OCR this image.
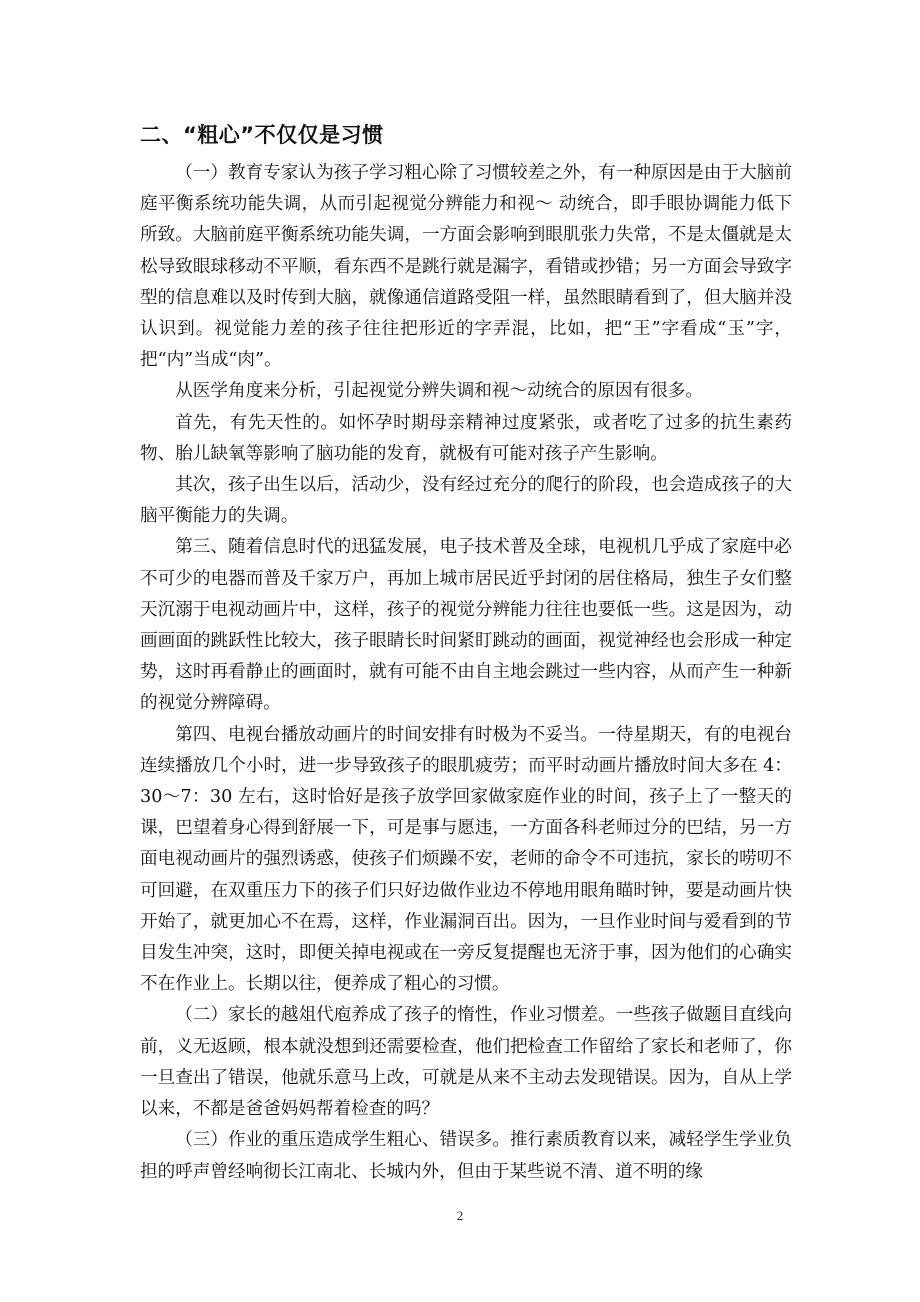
二、“粗心”不仅仅是习惯

（一）教育专家认为孩子学习粗心除了习惯较差之外，有一种原因是由于大脑前庭平衡系统功能失调，从而引起视觉分辨能力和视～ 动统合，即手眼协调能力低下所致。大脑前庭平衡系统功能失调，一方面会影响到眼肌张力失常，不是太僵就是太松导致眼球移动不平顺，看东西不是跳行就是漏字，看错或抄错；另一方面会导致字型的信息难以及时传到大脑，就像通信道路受阻一样，虽然眼睛看到了，但大脑并没认识到。视觉能力差的孩子往往把形近的字弄混，比如，把“王”字看成“玉”字，把“内”当成“肉”。

从医学角度来分析，引起视觉分辨失调和视～动统合的原因有很多。

首先，有先天性的。如怀孕时期母亲精神过度紧张，或者吃了过多的抗生素药物、胎儿缺氧等影响了脑功能的发育，就极有可能对孩子产生影响。

其次，孩子出生以后，活动少，没有经过充分的爬行的阶段，也会造成孩子的大脑平衡能力的失调。

第三、随着信息时代的迅猛发展，电子技术普及全球，电视机几乎成了家庭中必不可少的电器而普及千家万户，再加上城市居民近乎封闭的居住格局，独生子女们整天沉溺于电视动画片中，这样，孩子的视觉分辨能力往往也要低一些。这是因为，动画画面的跳跃性比较大，孩子眼睛长时间紧盯跳动的画面，视觉神经也会形成一种定势，这时再看静止的画面时，就有可能不由自主地会跳过一些内容，从而产生一种新的视觉分辨障碍。

第四、电视台播放动画片的时间安排有时极为不妥当。一待星期天，有的电视台连续播放几个小时，进一步导致孩子的眼肌疲劳；而平时动画片播放时间大多在 4：30～7：30 左右，这时恰好是孩子放学回家做家庭作业的时间，孩子上了一整天的课，巴望着身心得到舒展一下，可是事与愿违，一方面各科老师过分的巴结，另一方面电视动画片的强烈诱惑，使孩子们烦躁不安，老师的命令不可违抗，家长的唠叨不可回避，在双重压力下的孩子们只好边做作业边不停地用眼角瞄时钟，要是动画片快开始了，就更加心不在焉，这样，作业漏洞百出。因为，一旦作业时间与爱看到的节目发生冲突，这时，即便关掉电视或在一旁反复提醒也无济于事，因为他们的心确实不在作业上。长期以往，便养成了粗心的习惯。

（二）家长的越俎代庖养成了孩子的惰性，作业习惯差。一些孩子做题目直线向前，义无返顾，根本就没想到还需要检查，他们把检查工作留给了家长和老师了，你一旦查出了错误，他就乐意马上改，可就是从来不主动去发现错误。因为，自从上学以来，不都是爸爸妈妈帮着检查的吗？

（三）作业的重压造成学生粗心、错误多。推行素质教育以来，减轻学生学业负担的呼声曾经响彻长江南北、长城内外，但由于某些说不清、道不明的缘

2
